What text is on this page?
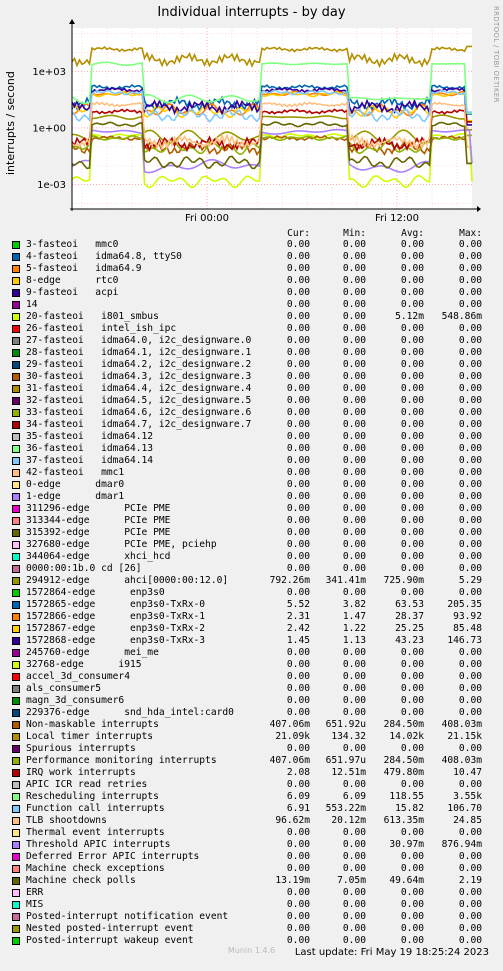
Individual interrupts - by day
interrupts / second
RRDTOOL / TOBI OETIKER
1e+03
1e+00
1e-03
Fri 00:00	Fri 12:00
Cur:	Min:	Avg:	Max:
3-fasteoi   mmc0	0.00	0.00	0.00	0.00
4-fasteoi   idma64.8, ttyS0	0.00	0.00	0.00	0.00
5-fasteoi   idma64.9	0.00	0.00	0.00	0.00
8-edge      rtc0	0.00	0.00	0.00	0.00
9-fasteoi   acpi	0.00	0.00	0.00	0.00
14	0.00	0.00	0.00	0.00
20-fasteoi   i801_smbus	0.00	0.00	5.12m	548.86m
26-fasteoi   intel_ish_ipc	0.00	0.00	0.00	0.00
27-fasteoi   idma64.0, i2c_designware.0	0.00	0.00	0.00	0.00
28-fasteoi   idma64.1, i2c_designware.1	0.00	0.00	0.00	0.00
29-fasteoi   idma64.2, i2c_designware.2	0.00	0.00	0.00	0.00
30-fasteoi   idma64.3, i2c_designware.3	0.00	0.00	0.00	0.00
31-fasteoi   idma64.4, i2c_designware.4	0.00	0.00	0.00	0.00
32-fasteoi   idma64.5, i2c_designware.5	0.00	0.00	0.00	0.00
33-fasteoi   idma64.6, i2c_designware.6	0.00	0.00	0.00	0.00
34-fasteoi   idma64.7, i2c_designware.7	0.00	0.00	0.00	0.00
35-fasteoi   idma64.12	0.00	0.00	0.00	0.00
36-fasteoi   idma64.13	0.00	0.00	0.00	0.00
37-fasteoi   idma64.14	0.00	0.00	0.00	0.00
42-fasteoi   mmc1	0.00	0.00	0.00	0.00
0-edge      dmar0	0.00	0.00	0.00	0.00
1-edge      dmar1	0.00	0.00	0.00	0.00
311296-edge      PCIe PME	0.00	0.00	0.00	0.00
313344-edge      PCIe PME	0.00	0.00	0.00	0.00
315392-edge      PCIe PME	0.00	0.00	0.00	0.00
327680-edge      PCIe PME, pciehp	0.00	0.00	0.00	0.00
344064-edge      xhci_hcd	0.00	0.00	0.00	0.00
0000:00:1b.0 cd [26]	0.00	0.00	0.00	0.00
294912-edge      ahci[0000:00:12.0]	792.26m	341.41m	725.90m	5.29
1572864-edge      enp3s0	0.00	0.00	0.00	0.00
1572865-edge      enp3s0-TxRx-0	5.52	3.82	63.53	205.35
1572866-edge      enp3s0-TxRx-1	2.31	1.47	28.37	93.92
1572867-edge      enp3s0-TxRx-2	2.42	1.22	25.25	85.48
1572868-edge      enp3s0-TxRx-3	1.45	1.13	43.23	146.73
245760-edge      mei_me	0.00	0.00	0.00	0.00
32768-edge      i915	0.00	0.00	0.00	0.00
accel_3d_consumer4	0.00	0.00	0.00	0.00
als_consumer5	0.00	0.00	0.00	0.00
magn_3d_consumer6	0.00	0.00	0.00	0.00
229376-edge      snd_hda_intel:card0	0.00	0.00	0.00	0.00
Non-maskable interrupts	407.06m	651.92u	284.50m	408.03m
Local timer interrupts	21.09k	134.32	14.02k	21.15k
Spurious interrupts	0.00	0.00	0.00	0.00
Performance monitoring interrupts	407.06m	651.97u	284.50m	408.03m
IRQ work interrupts	2.08	12.51m	479.80m	10.47
APIC ICR read retries	0.00	0.00	0.00	0.00
Rescheduling interrupts	6.09	6.09	118.55	3.55k
Function call interrupts	6.91	553.22m	15.82	106.70
TLB shootdowns	96.62m	20.12m	613.35m	24.85
Thermal event interrupts	0.00	0.00	0.00	0.00
Threshold APIC interrupts	0.00	0.00	30.97m	876.94m
Deferred Error APIC interrupts	0.00	0.00	0.00	0.00
Machine check exceptions	0.00	0.00	0.00	0.00
Machine check polls	13.19m	7.05m	49.64m	2.19
ERR	0.00	0.00	0.00	0.00
MIS	0.00	0.00	0.00	0.00
Posted-interrupt notification event	0.00	0.00	0.00	0.00
Nested posted-interrupt event	0.00	0.00	0.00	0.00
Posted-interrupt wakeup event	0.00	0.00	0.00	0.00
Munin 1.4.6	Last update: Fri May 19 18:25:24 2023
